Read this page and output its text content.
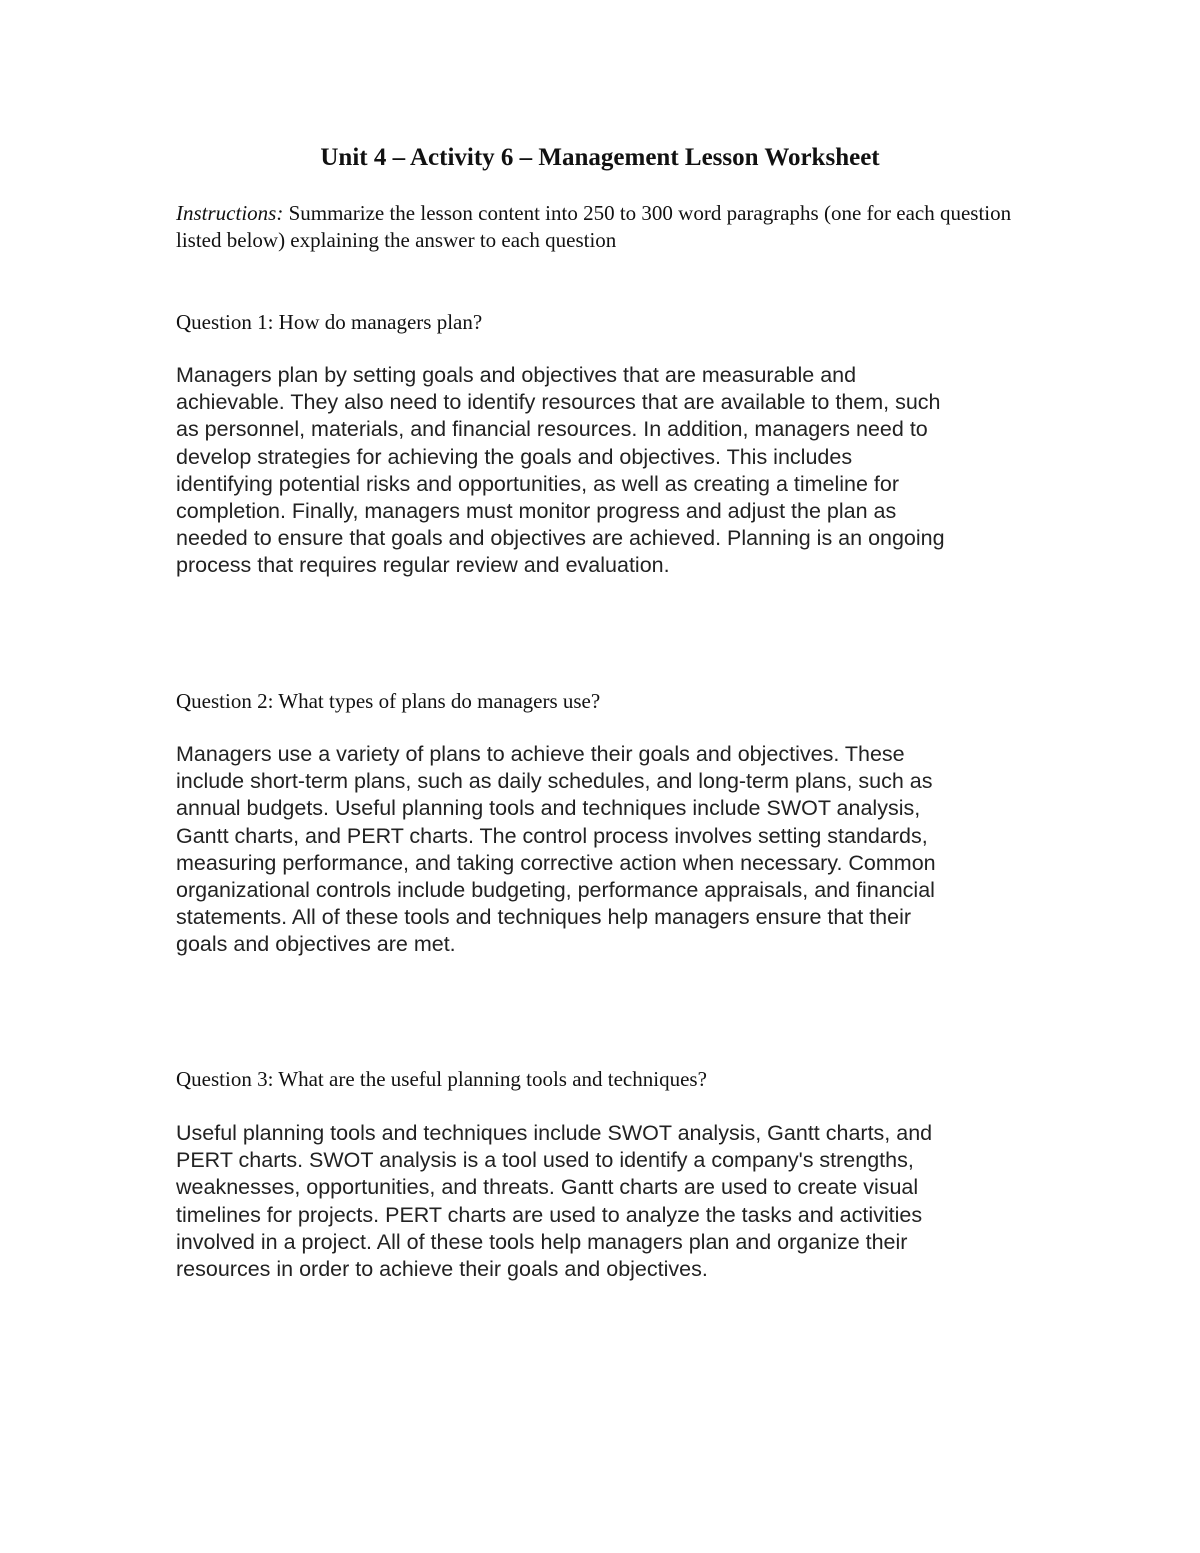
Unit 4 – Activity 6 – Management Lesson Worksheet

Instructions: Summarize the lesson content into 250 to 300 word paragraphs (one for each question listed below) explaining the answer to each question

Question 1: How do managers plan?

Managers plan by setting goals and objectives that are measurable and
achievable. They also need to identify resources that are available to them, such
as personnel, materials, and financial resources. In addition, managers need to
develop strategies for achieving the goals and objectives. This includes
identifying potential risks and opportunities, as well as creating a timeline for
completion. Finally, managers must monitor progress and adjust the plan as
needed to ensure that goals and objectives are achieved. Planning is an ongoing
process that requires regular review and evaluation.

Question 2: What types of plans do managers use?

Managers use a variety of plans to achieve their goals and objectives. These
include short-term plans, such as daily schedules, and long-term plans, such as
annual budgets. Useful planning tools and techniques include SWOT analysis,
Gantt charts, and PERT charts. The control process involves setting standards,
measuring performance, and taking corrective action when necessary. Common
organizational controls include budgeting, performance appraisals, and financial
statements. All of these tools and techniques help managers ensure that their
goals and objectives are met.

Question 3: What are the useful planning tools and techniques?

Useful planning tools and techniques include SWOT analysis, Gantt charts, and
PERT charts. SWOT analysis is a tool used to identify a company's strengths,
weaknesses, opportunities, and threats. Gantt charts are used to create visual
timelines for projects. PERT charts are used to analyze the tasks and activities
involved in a project. All of these tools help managers plan and organize their
resources in order to achieve their goals and objectives.
